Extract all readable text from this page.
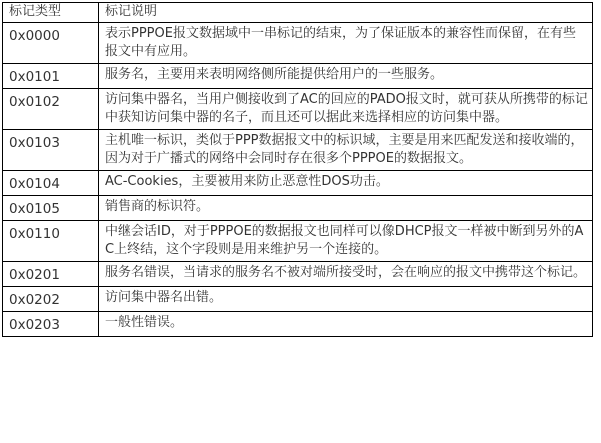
标记类型	标记说明
0x0000	表示PPPOE报文数据域中一串标记的结束，为了保证版本的兼容性而保留，在有些报文中有应用。
0x0101	服务名，主要用来表明网络侧所能提供给用户的一些服务。
0x0102	访问集中器名，当用户侧接收到了AC的回应的PADO报文时，就可获从所携带的标记中获知访问集中器的名子，而且还可以据此来选择相应的访问集中器。
0x0103	主机唯一标识，类似于PPP数据报文中的标识域，主要是用来匹配发送和接收端的，因为对于广播式的网络中会同时存在很多个PPPOE的数据报文。
0x0104	AC-Cookies，主要被用来防止恶意性DOS功击。
0x0105	销售商的标识符。
0x0110	中继会话ID，对于PPPOE的数据报文也同样可以像DHCP报文一样被中断到另外的AC上终结，这个字段则是用来维护另一个连接的。
0x0201	服务名错误，当请求的服务名不被对端所接受时，会在响应的报文中携带这个标记。
0x0202	访问集中器名出错。
0x0203	一般性错误。
